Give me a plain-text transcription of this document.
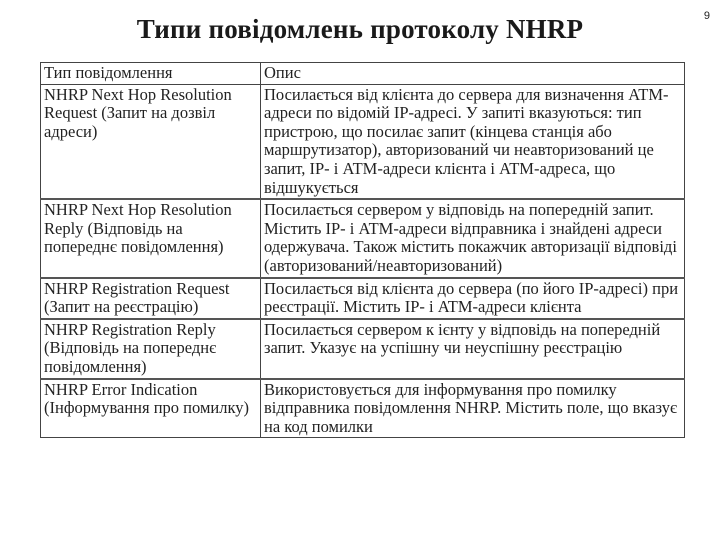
Типи повідомлень протоколу NHRP	9
Тип повідомлення	Опис

NHRP Next Hop Resolution Request (Запит на дозвіл адреси)	Посилається від клієнта до сервера для визначення ATM-адреси по відомій IP-адресі. У запиті вказуються: тип пристрою, що посилає запит (кінцева станція або маршрутизатор), авторизований чи неавторизований це запит, IP- і ATM-адреси клієнта і ATM-адреса, що відшукується

NHRP Next Hop Resolution Reply (Відповідь на попереднє повідомлення)	Посилається сервером у відповідь на попередній запит. Містить IP- і ATM-адреси відправника і знайдені адреси одержувача. Також містить покажчик авторизації відповіді (авторизований/неавторизований)

NHRP Registration Request (Запит на реєстрацію)	Посилається від клієнта до сервера (по його IP-адресі) при реєстрації. Містить IP- і ATM-адреси клієнта

NHRP Registration Reply (Відповідь на попереднє повідомлення)	Посилається сервером к ієнту у відповідь на попередній запит. Указує на успішну чи неуспішну реєстрацію

NHRP Error Indication (Інформування про помилку)	Використовується для інформування про помилку відправника повідомлення NHRP. Містить поле, що вказує на код помилки
